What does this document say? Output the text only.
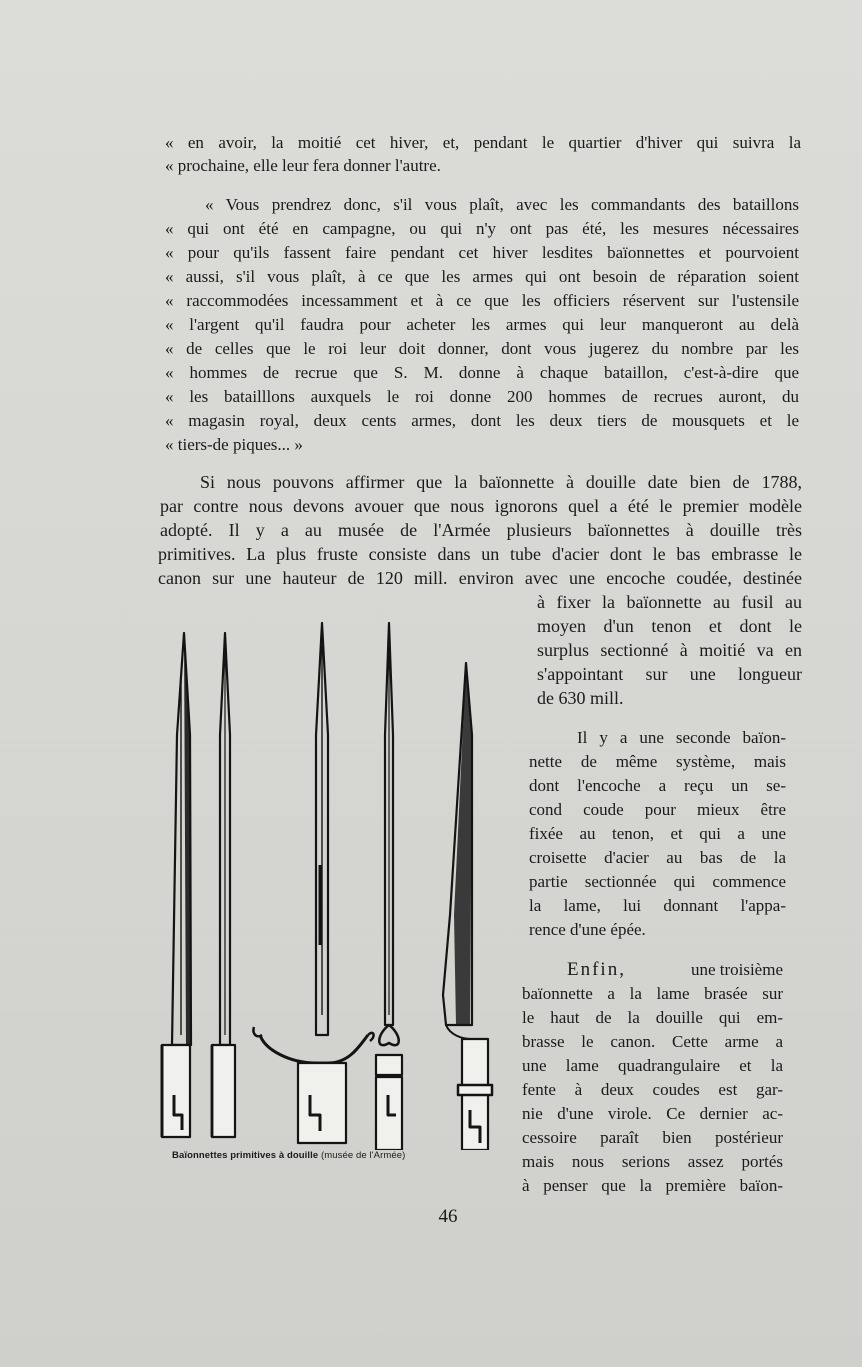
« en avoir, la moitié cet hiver, et, pendant le quartier d'hiver qui suivra la
« prochaine, elle leur fera donner l'autre.
« Vous prendrez donc, s'il vous plaît, avec les commandants des bataillons
« qui ont été en campagne, ou qui n'y ont pas été, les mesures nécessaires
« pour qu'ils fassent faire pendant cet hiver lesdites baïonnettes et pourvoient
« aussi, s'il vous plaît, à ce que les armes qui ont besoin de réparation soient
« raccommodées incessamment et à ce que les officiers réservent sur l'ustensile
« l'argent qu'il faudra pour acheter les armes qui leur manqueront au delà
« de celles que le roi leur doit donner, dont vous jugerez du nombre par les
« hommes de recrue que S. M. donne à chaque bataillon, c'est-à-dire que
« les batailllons auxquels le roi donne 200 hommes de recrues auront, du
« magasin royal, deux cents armes, dont les deux tiers de mousquets et le
« tiers-de piques... »
Si nous pouvons affirmer que la baïonnette à douille date bien de 1788,
par contre nous devons avouer que nous ignorons quel a été le premier modèle
adopté. Il y a au musée de l'Armée plusieurs baïonnettes à douille très
primitives. La plus fruste consiste dans un tube d'acier dont le bas embrasse le
canon sur une hauteur de 120 mill. environ avec une encoche coudée, destinée
à fixer la baïonnette au fusil au
moyen d'un tenon et dont le
surplus sectionné à moitié va en
s'appointant sur une longueur
de 630 mill.
Il y a une seconde baïon-
nette de même système, mais
dont l'encoche a reçu un se-
cond coude pour mieux être
fixée au tenon, et qui a une
croisette d'acier au bas de la
partie sectionnée qui commence
la lame, lui donnant l'appa-
rence d'une épée.
Enfin,	une troisième
baïonnette a la lame brasée sur
le haut de la douille qui em-
brasse le canon. Cette arme a
une lame quadrangulaire et la
fente à deux coudes est gar-
nie d'une virole. Ce dernier ac-
cessoire paraît bien postérieur
mais nous serions assez portés
à penser que la première baïon-
Baïonnettes primitives à douille (musée de l'Armée)
46
